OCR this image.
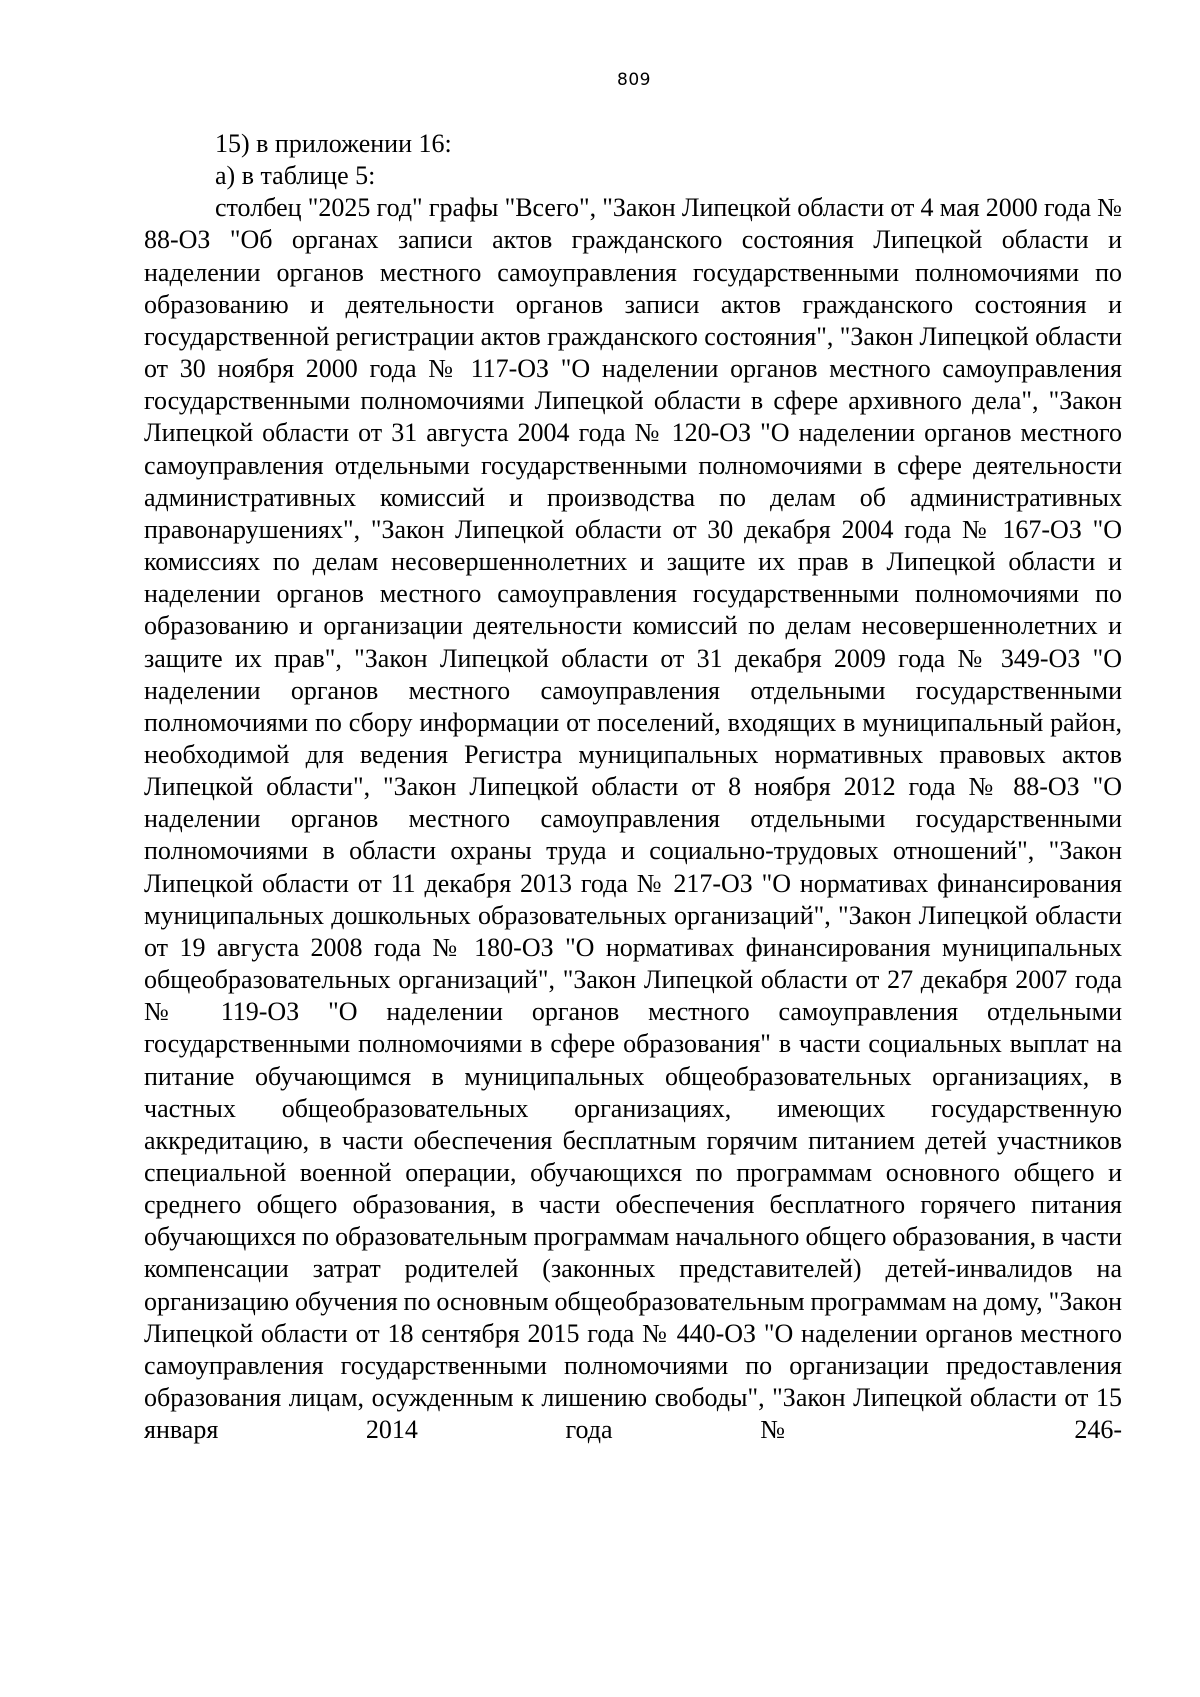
809

15) в приложении 16:

а) в таблице 5:

столбец "2025 год" графы "Всего", "Закон Липецкой области от 4 мая 2000 года № 88-ОЗ "Об органах записи актов гражданского состояния Липецкой области и наделении органов местного самоуправления государственными полномочиями по образованию и деятельности органов записи актов гражданского состояния и государственной регистрации актов гражданского состояния", "Закон Липецкой области от 30 ноября 2000 года № 117-ОЗ "О наделении органов местного самоуправления государственными полномочиями Липецкой области в сфере архивного дела", "Закон Липецкой области от 31 августа 2004 года № 120-ОЗ "О наделении органов местного самоуправления отдельными государственными полномочиями в сфере деятельности административных комиссий и производства по делам об административных правонарушениях", "Закон Липецкой области от 30 декабря 2004 года № 167-ОЗ "О комиссиях по делам несовершеннолетних и защите их прав в Липецкой области и наделении органов местного самоуправления государственными полномочиями по образованию и организации деятельности комиссий по делам несовершеннолетних и защите их прав", "Закон Липецкой области от 31 декабря 2009 года № 349-ОЗ "О наделении органов местного самоуправления отдельными государственными полномочиями по сбору информации от поселений, входящих в муниципальный район, необходимой для ведения Регистра муниципальных нормативных правовых актов Липецкой области", "Закон Липецкой области от 8 ноября 2012 года № 88-ОЗ "О наделении органов местного самоуправления отдельными государственными полномочиями в области охраны труда и социально-трудовых отношений", "Закон Липецкой области от 11 декабря 2013 года № 217-ОЗ "О нормативах финансирования муниципальных дошкольных образовательных организаций", "Закон Липецкой области от 19 августа 2008 года № 180-ОЗ "О нормативах финансирования муниципальных общеобразовательных организаций", "Закон Липецкой области от 27 декабря 2007 года № 119-ОЗ "О наделении органов местного самоуправления отдельными государственными полномочиями в сфере образования" в части социальных выплат на питание обучающимся в муниципальных общеобразовательных организациях, в частных общеобразовательных организациях, имеющих государственную аккредитацию, в части обеспечения бесплатным горячим питанием детей участников специальной военной операции, обучающихся по программам основного общего и среднего общего образования, в части обеспечения бесплатного горячего питания обучающихся по образовательным программам начального общего образования, в части компенсации затрат родителей (законных представителей) детей-инвалидов на организацию обучения по основным общеобразовательным программам на дому, "Закон Липецкой области от 18 сентября 2015 года № 440-ОЗ "О наделении органов местного самоуправления государственными полномочиями по организации предоставления образования лицам, осужденным к лишению свободы", "Закон Липецкой области от 15 января 2014 года № 246-
